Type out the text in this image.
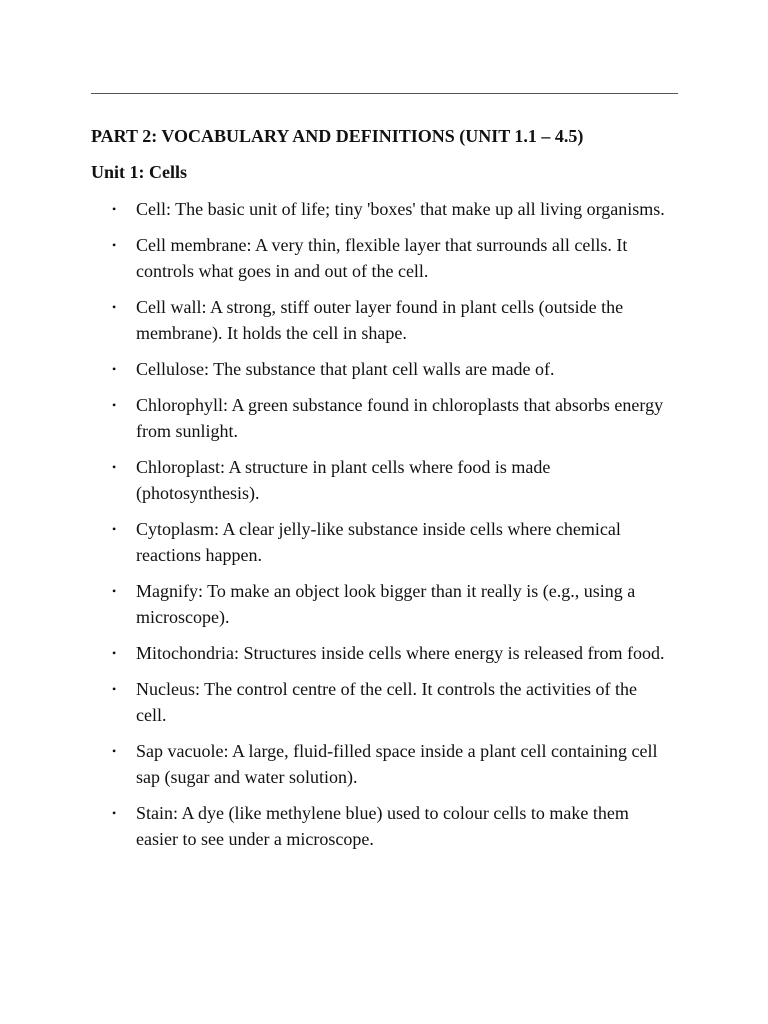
PART 2: VOCABULARY AND DEFINITIONS (UNIT 1.1 – 4.5)
Unit 1: Cells
• Cell: The basic unit of life; tiny 'boxes' that make up all living organisms.
• Cell membrane: A very thin, flexible layer that surrounds all cells. It controls what goes in and out of the cell.
• Cell wall: A strong, stiff outer layer found in plant cells (outside the membrane). It holds the cell in shape.
• Cellulose: The substance that plant cell walls are made of.
• Chlorophyll: A green substance found in chloroplasts that absorbs energy from sunlight.
• Chloroplast: A structure in plant cells where food is made (photosynthesis).
• Cytoplasm: A clear jelly-like substance inside cells where chemical reactions happen.
• Magnify: To make an object look bigger than it really is (e.g., using a microscope).
• Mitochondria: Structures inside cells where energy is released from food.
• Nucleus: The control centre of the cell. It controls the activities of the cell.
• Sap vacuole: A large, fluid-filled space inside a plant cell containing cell sap (sugar and water solution).
• Stain: A dye (like methylene blue) used to colour cells to make them easier to see under a microscope.
